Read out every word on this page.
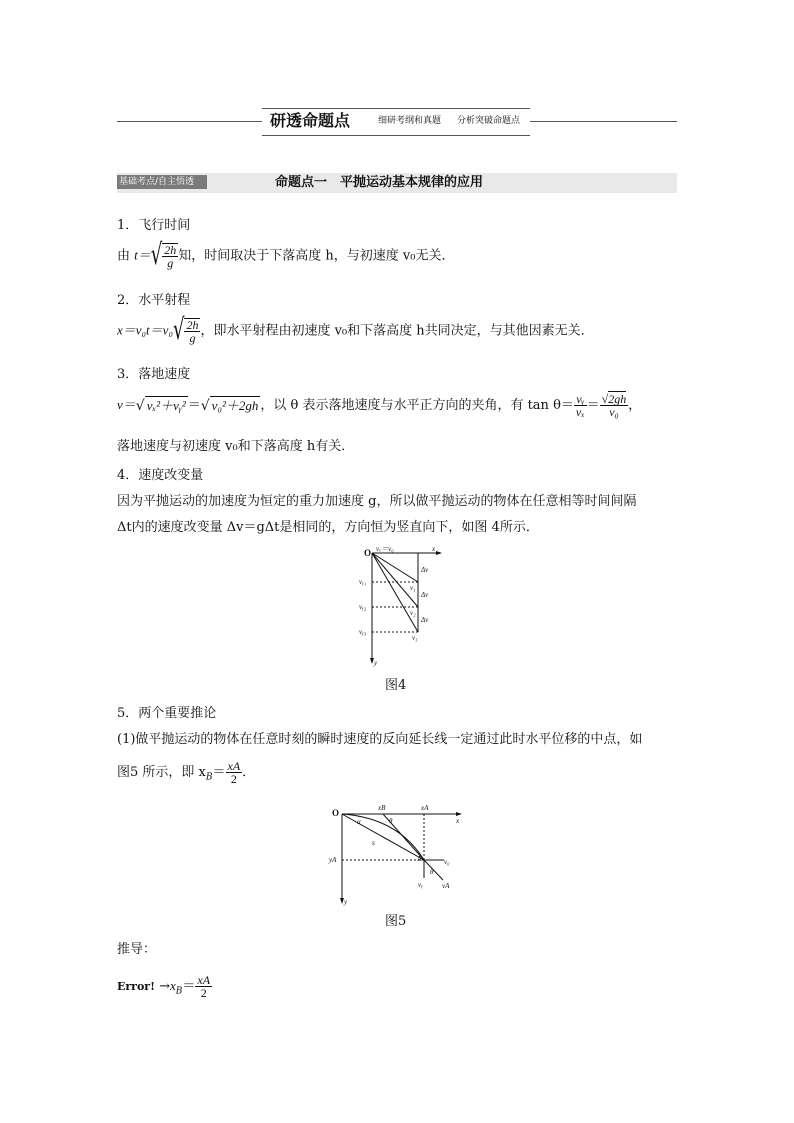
研透命题点	细研考纲和真题 分析突破命题点
基础考点/自主悟透	命题点一　平抛运动基本规律的应用
1．飞行时间
由 $t=√ \frac{2h}{g}$ 知，时间取决于下落高度 h，与初速度 v₀无关．
2．水平射程
$x=v_0t=v_0√ \frac{2h}{g}$ ，即水平射程由初速度 v₀和下落高度 h共同决定，与其他因素无关．
3．落地速度
v＝√ vₓ²＋vᵧ² ＝√ v₀²＋2gh ，以 θ 表示落地速度与水平正方向的夹角，有 $\tan \theta= \frac{\text{vᵧ}}{\text{vₓ}} = \frac{√2gh}{\text{v₀}}$ ，
落地速度与初速度 v₀和下落高度 h有关．
4．速度改变量
因为平抛运动的加速度为恒定的重力加速度 g，所以做平抛运动的物体在任意相等时间间隔
Δt内的速度改变量 Δv＝gΔt是相同的，方向恒为竖直向下，如图 4所示．
O	x
y
vₓ＝v₀
vᵧ₁
vᵧ₂
vᵧ₃
Δv
Δv
Δv
v₁
v₂
v₃
图4
5．两个重要推论
(1)做平抛运动的物体在任意时刻的瞬时速度的反向延长线一定通过此时水平位移的中点，如
图5 所示，即 $x_B= \frac{xA}{2}$ ．
O
x
y
xB	xA
θ
α
s
yA	A
θ
v₀
vᵧ	vA
图5
推导：
Error! $\to x_B= \frac{xA}{2}$
